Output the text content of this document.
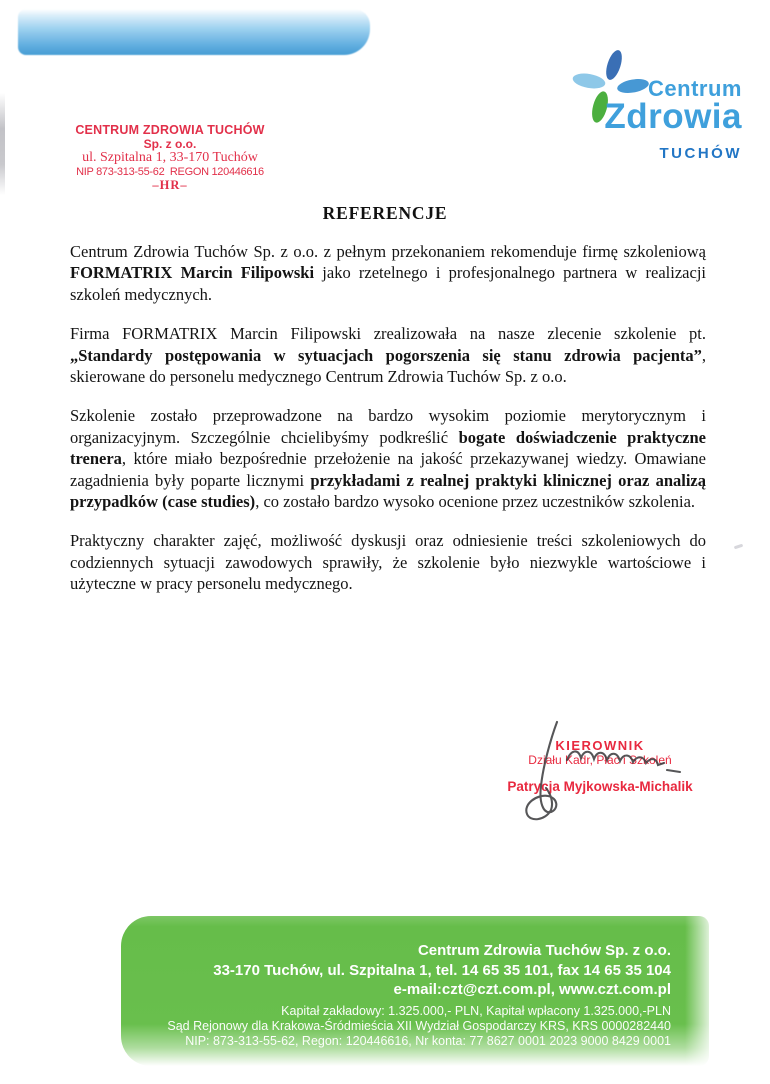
CENTRUM ZDROWIA TUCHÓW
Sp. z o.o.
ul. Szpitalna 1, 33-170 Tuchów
NIP 873-313-55-62  REGON 120446616
–HR–
Centrum
Zdrowia
TUCHÓW
REFERENCJE

Centrum Zdrowia Tuchów Sp. z o.o. z pełnym przekonaniem rekomenduje firmę szkoleniową FORMATRIX Marcin Filipowski jako rzetelnego i profesjonalnego partnera w realizacji szkoleń medycznych.

Firma FORMATRIX Marcin Filipowski zrealizowała na nasze zlecenie szkolenie pt. „Standardy postępowania w sytuacjach pogorszenia się stanu zdrowia pacjenta”, skierowane do personelu medycznego Centrum Zdrowia Tuchów Sp. z o.o.

Szkolenie zostało przeprowadzone na bardzo wysokim poziomie merytorycznym i organizacyjnym. Szczególnie chcielibyśmy podkreślić bogate doświadczenie praktyczne trenera, które miało bezpośrednie przełożenie na jakość przekazywanej wiedzy. Omawiane zagadnienia były poparte licznymi przykładami z realnej praktyki klinicznej oraz analizą przypadków (case studies), co zostało bardzo wysoko ocenione przez uczestników szkolenia.

Praktyczny charakter zajęć, możliwość dyskusji oraz odniesienie treści szkoleniowych do codziennych sytuacji zawodowych sprawiły, że szkolenie było niezwykle wartościowe i użyteczne w pracy personelu medycznego.

KIEROWNIK
Działu Kadr, Płac i Szkoleń
Patrycja Myjkowska-Michalik
Centrum Zdrowia Tuchów Sp. z o.o.
33-170 Tuchów, ul. Szpitalna 1, tel. 14 65 35 101, fax 14 65 35 104
e-mail:czt@czt.com.pl, www.czt.com.pl
Kapitał zakładowy: 1.325.000,- PLN, Kapitał wpłacony 1.325.000,-PLN
Sąd Rejonowy dla Krakowa-Śródmieścia XII Wydział Gospodarczy KRS, KRS 0000282440
NIP: 873-313-55-62, Regon: 120446616, Nr konta: 77 8627 0001 2023 9000 8429 0001
